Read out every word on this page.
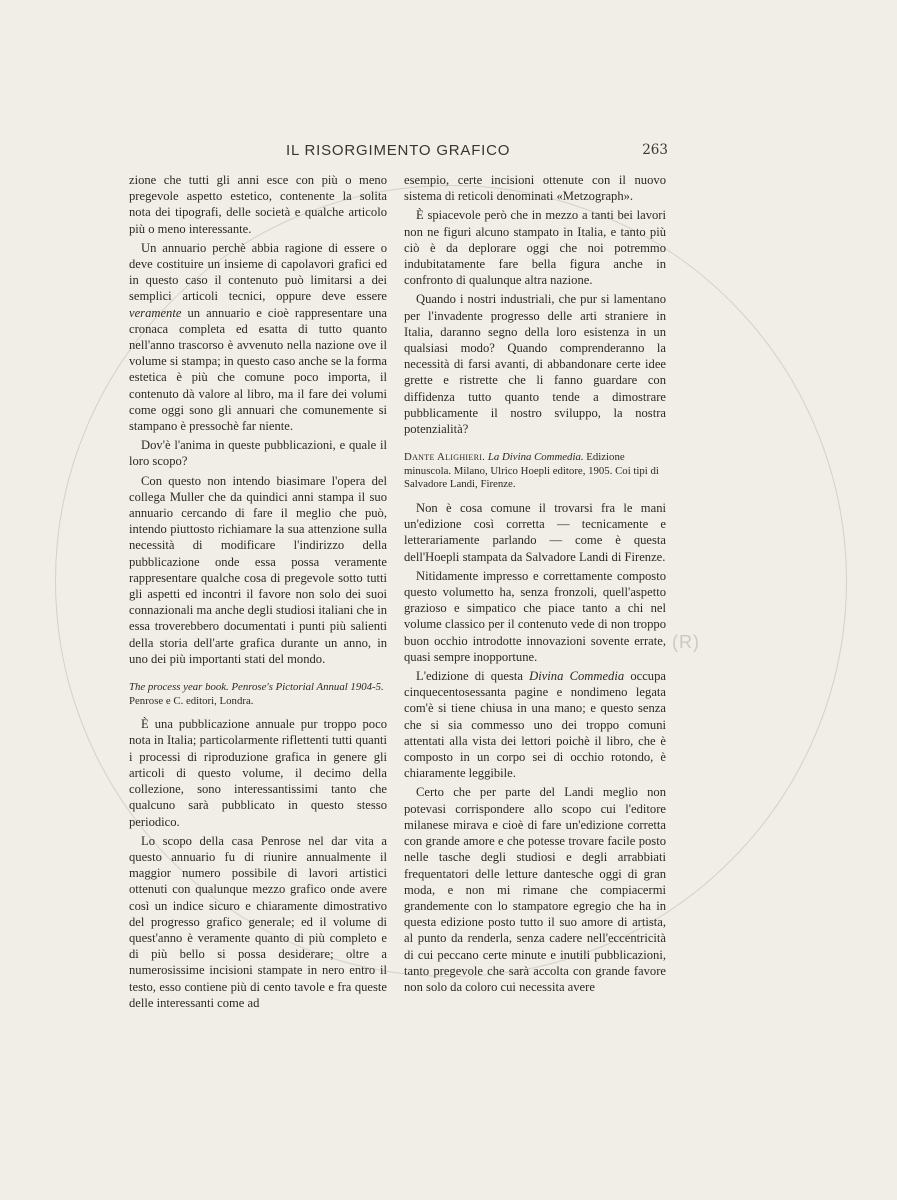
(R)
IL RISORGIMENTO GRAFICO	263

zione che tutti gli anni esce con più o meno pregevole aspetto estetico, contenente la solita nota dei tipografi, delle società e qualche articolo più o meno interessante.

Un annuario perchè abbia ragione di essere o deve costituire un insieme di capolavori grafici ed in questo caso il contenuto può limitarsi a dei semplici articoli tecnici, oppure deve essere veramente un annuario e cioè rappresentare una cronaca completa ed esatta di tutto quanto nell'anno trascorso è avvenuto nella nazione ove il volume si stampa; in questo caso anche se la forma estetica è più che comune poco importa, il contenuto dà valore al libro, ma il fare dei volumi come oggi sono gli annuari che comunemente si stampano è pressochè far niente.

Dov'è l'anima in queste pubblicazioni, e quale il loro scopo?

Con questo non intendo biasimare l'opera del collega Muller che da quindici anni stampa il suo annuario cercando di fare il meglio che può, intendo piuttosto richiamare la sua attenzione sulla necessità di modificare l'indirizzo della pubblicazione onde essa possa veramente rappresentare qualche cosa di pregevole sotto tutti gli aspetti ed incontri il favore non solo dei suoi connazionali ma anche degli studiosi italiani che in essa troverebbero documentati i punti più salienti della storia dell'arte grafica durante un anno, in uno dei più importanti stati del mondo.

The process year book. Penrose's Pictorial Annual 1904-5. Penrose e C. editori, Londra.

È una pubblicazione annuale pur troppo poco nota in Italia; particolarmente riflettenti tutti quanti i processi di riproduzione grafica in genere gli articoli di questo volume, il decimo della collezione, sono interessantissimi tanto che qualcuno sarà pubblicato in questo stesso periodico.

Lo scopo della casa Penrose nel dar vita a questo annuario fu di riunire annualmente il maggior numero possibile di lavori artistici ottenuti con qualunque mezzo grafico onde avere così un indice sicuro e chiaramente dimostrativo del progresso grafico generale; ed il volume di quest'anno è veramente quanto di più completo e di più bello si possa desiderare; oltre a numerosissime incisioni stampate in nero entro il testo, esso contiene più di cento tavole e fra queste delle interessanti come ad

esempio, certe incisioni ottenute con il nuovo sistema di reticoli denominati «Metzograph».

È spiacevole però che in mezzo a tanti bei lavori non ne figuri alcuno stampato in Italia, e tanto più ciò è da deplorare oggi che noi potremmo indubitatamente fare bella figura anche in confronto di qualunque altra nazione.

Quando i nostri industriali, che pur si lamentano per l'invadente progresso delle arti straniere in Italia, daranno segno della loro esistenza in un qualsiasi modo? Quando comprenderanno la necessità di farsi avanti, di abbandonare certe idee grette e ristrette che li fanno guardare con diffidenza tutto quanto tende a dimostrare pubblicamente il nostro sviluppo, la nostra potenzialità?

Dante Alighieri. La Divina Commedia. Edizione minuscola. Milano, Ulrico Hoepli editore, 1905. Coi tipi di Salvadore Landi, Firenze.

Non è cosa comune il trovarsi fra le mani un'edizione così corretta — tecnicamente e letterariamente parlando — come è questa dell'Hoepli stampata da Salvadore Landi di Firenze.

Nitidamente impresso e correttamente composto questo volumetto ha, senza fronzoli, quell'aspetto grazioso e simpatico che piace tanto a chi nel volume classico per il contenuto vede di non troppo buon occhio introdotte innovazioni sovente errate, quasi sempre inopportune.

L'edizione di questa Divina Commedia occupa cinquecentosessanta pagine e nondimeno legata com'è si tiene chiusa in una mano; e questo senza che si sia commesso uno dei troppo comuni attentati alla vista dei lettori poichè il libro, che è composto in un corpo sei di occhio rotondo, è chiaramente leggibile.

Certo che per parte del Landi meglio non potevasi corrispondere allo scopo cui l'editore milanese mirava e cioè di fare un'edizione corretta con grande amore e che potesse trovare facile posto nelle tasche degli studiosi e degli arrabbiati frequentatori delle letture dantesche oggi di gran moda, e non mi rimane che compiacermi grandemente con lo stampatore egregio che ha in questa edizione posto tutto il suo amore di artista, al punto da renderla, senza cadere nell'eccentricità di cui peccano certe minute e inutili pubblicazioni, tanto pregevole che sarà accolta con grande favore non solo da coloro cui necessita avere
